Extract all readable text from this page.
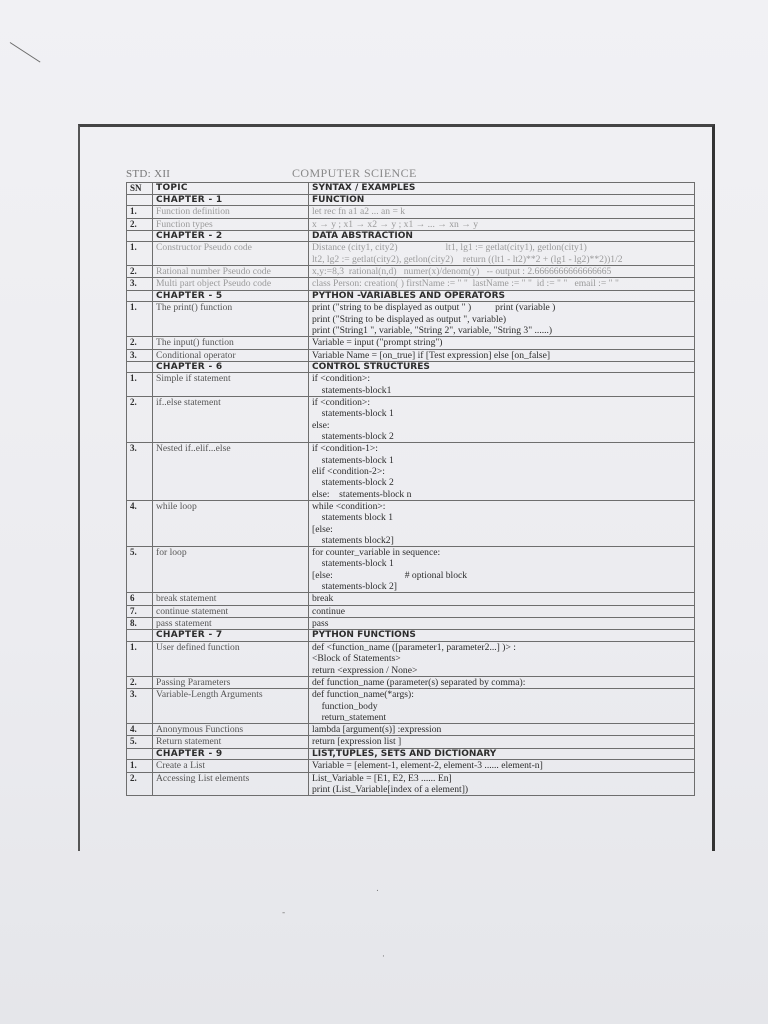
STD: XII	COMPUTER SCIENCE
SN	TOPIC	SYNTAX / EXAMPLES
	CHAPTER - 1	FUNCTION
1.	Function definition	let rec fn a1 a2 ... an = k

2.	Function types	x → y ; x1 → x2 → y ; x1 → ... → xn → y

	CHAPTER - 2	DATA ABSTRACTION
1.	Constructor Pseudo code	Distance (city1, city2)                    lt1, lg1 := getlat(city1), getlon(city1)
lt2, lg2 := getlat(city2), getlon(city2)    return ((lt1 - lt2)**2 + (lg1 - lg2)**2))1/2

2.	Rational number Pseudo code	x,y:=8,3  rational(n,d)   numer(x)/denom(y)   -- output : 2.6666666666666665

3.	Multi part object Pseudo code	class Person: creation( ) firstName := " "  lastName := " "  id := " "   email := " "

	CHAPTER - 5	PYTHON -VARIABLES AND OPERATORS
1.	The print() function	print ("string to be displayed as output " )          print (variable )
print ("String to be displayed as output ", variable)
print ("String1 ", variable, "String 2", variable, "String 3" ......)

2.	The input() function	Variable = input ("prompt string")

3.	Conditional operator	Variable Name = [on_true] if [Test expression] else [on_false]

	CHAPTER - 6	CONTROL STRUCTURES
1.	Simple if statement	if <condition>:
statements-block1

2.	if..else statement	if <condition>:
statements-block 1
else:
statements-block 2

3.	Nested if..elif...else	if <condition-1>:
statements-block 1
elif <condition-2>:
statements-block 2
else:    statements-block n

4.	while loop	while <condition>:
statements block 1
[else:
statements block2]

5.	for loop	for counter_variable in sequence:
statements-block 1
[else:                              # optional block
statements-block 2]

6	break statement	break

7.	continue statement	continue

8.	pass statement	pass

	CHAPTER - 7	PYTHON FUNCTIONS
1.	User defined function	def <function_name ([parameter1, parameter2...] )> :
<Block of Statements>
return <expression / None>

2.	Passing Parameters	def function_name (parameter(s) separated by comma):

3.	Variable-Length Arguments	def function_name(*args):
function_body
return_statement

4.	Anonymous Functions	lambda [argument(s)] :expression

5.	Return statement	return [expression list ]

	CHAPTER - 9	LIST,TUPLES, SETS AND DICTIONARY
1.	Create a List	Variable = [element-1, element-2, element-3 ...... element-n]

2.	Accessing List elements	List_Variable = [E1, E2, E3 ...... En]
print (List_Variable[index of a element])
.
-
·
